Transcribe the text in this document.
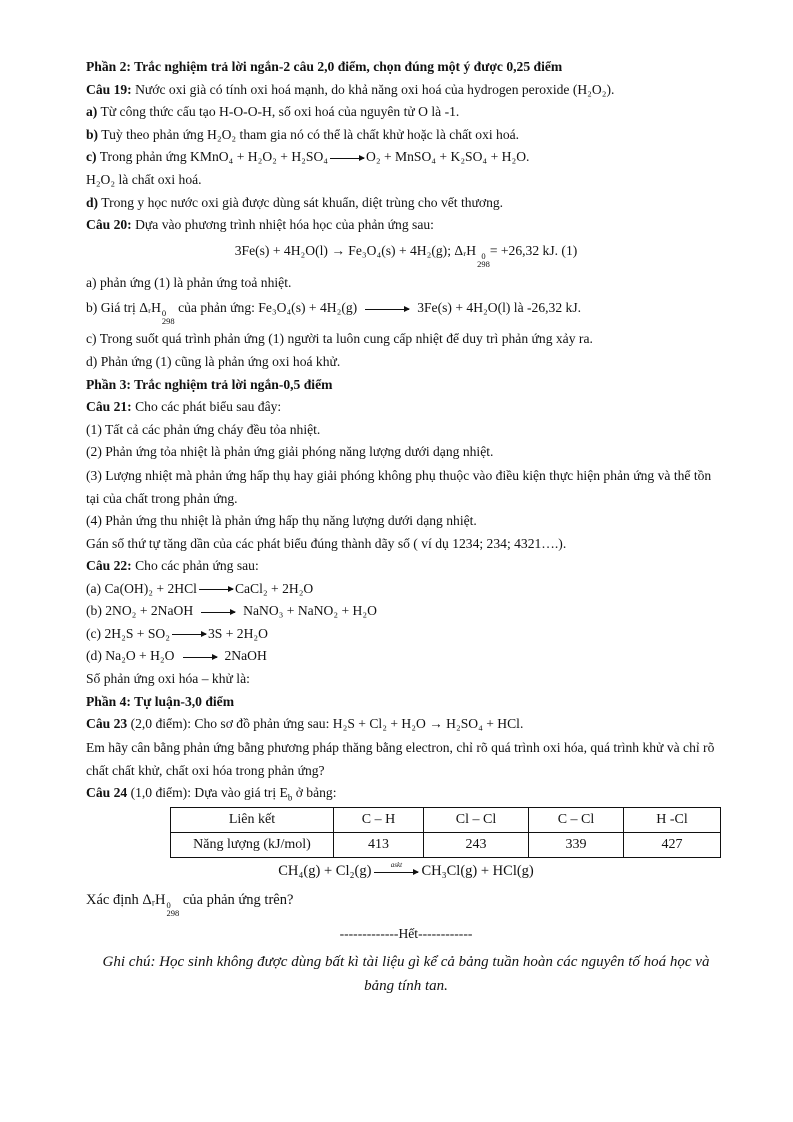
Phần 2: Trắc nghiệm trả lời ngắn-2 câu 2,0 điểm, chọn đúng một ý được 0,25 điểm
Câu 19: Nước oxi già có tính oxi hoá mạnh, do khả năng oxi hoá của hydrogen peroxide (H₂O₂).
a) Từ công thức cấu tạo H-O-O-H, số oxi hoá của nguyên tử O là -1.
b) Tuỳ theo phản ứng H₂O₂ tham gia nó có thể là chất khử hoặc là chất oxi hoá.
c) Trong phản ứng KMnO₄ + H₂O₂ + H₂SO₄ → O₂ + MnSO₄ + K₂SO₄ + H₂O.
H₂O₂ là chất oxi hoá.
d) Trong y học nước oxi già được dùng sát khuẩn, diệt trùng cho vết thương.
Câu 20: Dựa vào phương trình nhiệt hóa học của phản ứng sau:
3Fe(s) + 4H₂O(l) → Fe₃O₄(s) + 4H₂(g); ΔᵣH 0
298
= +26,32 kJ. (1)
a) phản ứng (1) là phản ứng toả nhiệt.
b) Giá trị ΔᵣH 0
298
của phản ứng: Fe₃O₄(s) + 4H₂(g) → 3Fe(s) + 4H₂O(l) là -26,32 kJ.
c) Trong suốt quá trình phản ứng (1) người ta luôn cung cấp nhiệt để duy trì phản ứng xảy ra.
d) Phản ứng (1) cũng là phản ứng oxi hoá khử.
Phần 3: Trắc nghiệm trả lời ngắn-0,5 điểm
Câu 21: Cho các phát biểu sau đây:
(1) Tất cả các phản ứng cháy đều tỏa nhiệt.
(2) Phản ứng tỏa nhiệt là phản ứng giải phóng năng lượng dưới dạng nhiệt.
(3) Lượng nhiệt mà phản ứng hấp thụ hay giải phóng không phụ thuộc vào điều kiện thực hiện phản ứng và thể tồn tại của chất trong phản ứng.
(4) Phản ứng thu nhiệt là phản ứng hấp thụ năng lượng dưới dạng nhiệt.
Gán số thứ tự tăng dần của các phát biểu đúng thành dãy số ( ví dụ 1234; 234; 4321….).
Câu 22: Cho các phản ứng sau:
(a) Ca(OH)₂ + 2HCl → CaCl₂ + 2H₂O
(b) 2NO₂ + 2NaOH → NaNO₃ + NaNO₂ + H₂O
(c) 2H₂S + SO₂ → 3S + 2H₂O
(d) Na₂O + H₂O → 2NaOH
Số phản ứng oxi hóa – khử là:
Phần 4: Tự luận-3,0 điểm
Câu 23 (2,0 điểm): Cho sơ đồ phản ứng sau: H₂S + Cl₂ + H₂O → H₂SO₄ + HCl.
Em hãy cân bằng phản ứng bằng phương pháp thăng bằng electron, chỉ rõ quá trình oxi hóa, quá trình khử và chỉ rõ chất chất khử, chất oxi hóa trong phản ứng?
Câu 24 (1,0 điểm): Dựa vào giá trị $E_b$ ở bảng:
Liên kết	C – H	Cl – Cl	C – Cl	H -Cl
Năng lượng (kJ/mol)	413	243	339	427
CH₄(g) + Cl₂(g)	askt	CH₃Cl(g) + HCl(g)
Xác định ΔᵣH 0
298
của phản ứng trên?
-------------Hết------------
Ghi chú: Học sinh không được dùng bất kì tài liệu gì kể cả bảng tuần hoàn các nguyên tố hoá học và bảng tính tan.
